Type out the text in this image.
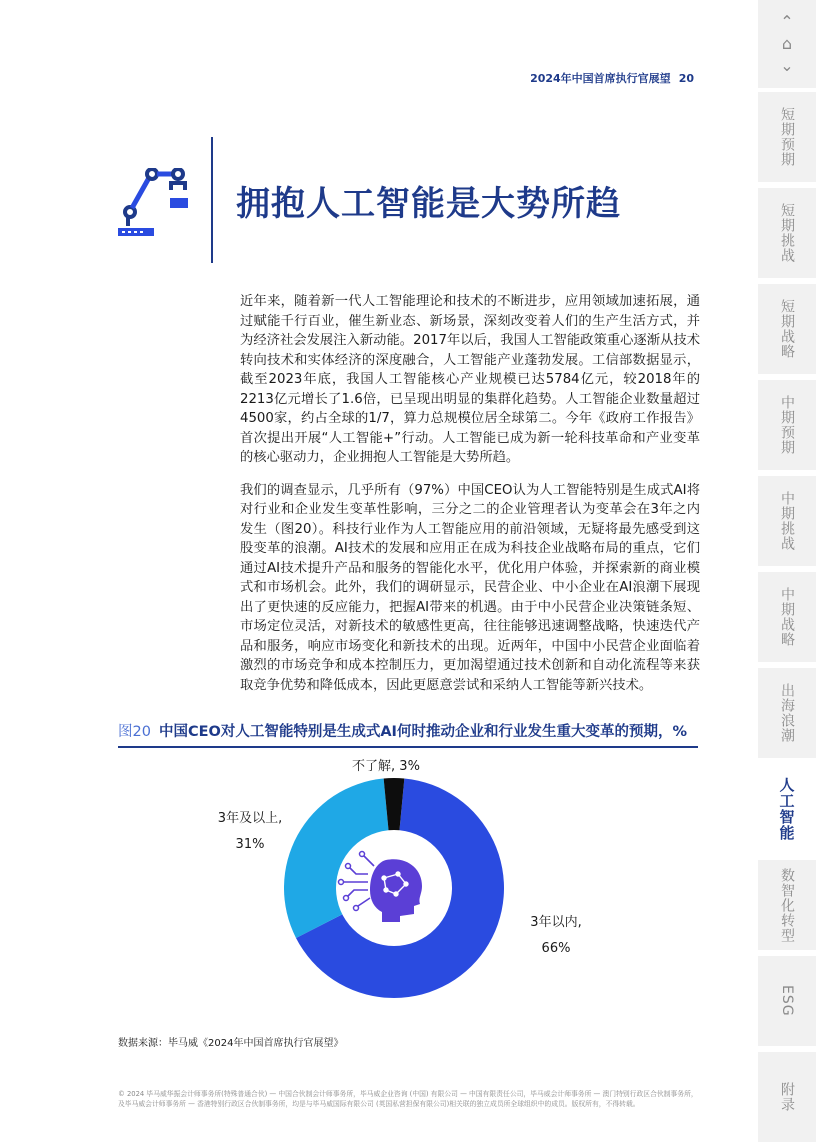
2024年中国首席执行官展望 20
⌃
⌂
⌄
短期预期
短期挑战
短期战略
中期预期
中期挑战
中期战略
出海浪潮
人工智能
数智化转型
ESG
附录
拥抱人工智能是大势所趋

近年来，随着新一代人工智能理论和技术的不断进步，应用领域加速拓展，通过赋能千行百业，催生新业态、新场景，深刻改变着人们的生产生活方式，并为经济社会发展注入新动能。2017年以后，我国人工智能政策重心逐渐从技术转向技术和实体经济的深度融合，人工智能产业蓬勃发展。工信部数据显示，截至2023年底，我国人工智能核心产业规模已达5784亿元，较2018年的2213亿元增长了1.6倍，已呈现出明显的集群化趋势。人工智能企业数量超过4500家，约占全球的1/7，算力总规模位居全球第二。今年《政府工作报告》首次提出开展“人工智能+”行动。人工智能已成为新一轮科技革命和产业变革的核心驱动力，企业拥抱人工智能是大势所趋。

我们的调查显示，几乎所有（97%）中国CEO认为人工智能特别是生成式AI将对行业和企业发生变革性影响，三分之二的企业管理者认为变革会在3年之内发生（图20）。科技行业作为人工智能应用的前沿领域，无疑将最先感受到这股变革的浪潮。AI技术的发展和应用正在成为科技企业战略布局的重点，它们通过AI技术提升产品和服务的智能化水平，优化用户体验，并探索新的商业模式和市场机会。此外，我们的调研显示，民营企业、中小企业在AI浪潮下展现出了更快速的反应能力，把握AI带来的机遇。由于中小民营企业决策链条短、市场定位灵活，对新技术的敏感性更高，往往能够迅速调整战略，快速迭代产品和服务，响应市场变化和新技术的出现。近两年，中国中小民营企业面临着激烈的市场竞争和成本控制压力，更加渴望通过技术创新和自动化流程等来获取竞争优势和降低成本，因此更愿意尝试和采纳人工智能等新兴技术。

图20 中国CEO对人工智能特别是生成式AI何时推动企业和行业发生重大变革的预期，%
3年以内,
66%
3年及以上,
31%
不了解, 3%
数据来源：毕马威《2024年中国首席执行官展望》
© 2024 毕马威华振会计师事务所(特殊普通合伙) — 中国合伙制会计师事务所，毕马威企业咨询 (中国) 有限公司 — 中国有限责任公司，毕马威会计师事务所 — 澳门特别行政区合伙制事务所，及毕马威会计师事务所 — 香港特别行政区合伙制事务所，均是与毕马威国际有限公司 (英国私营担保有限公司)相关联的独立成员所全球组织中的成员。版权所有，不得转载。
